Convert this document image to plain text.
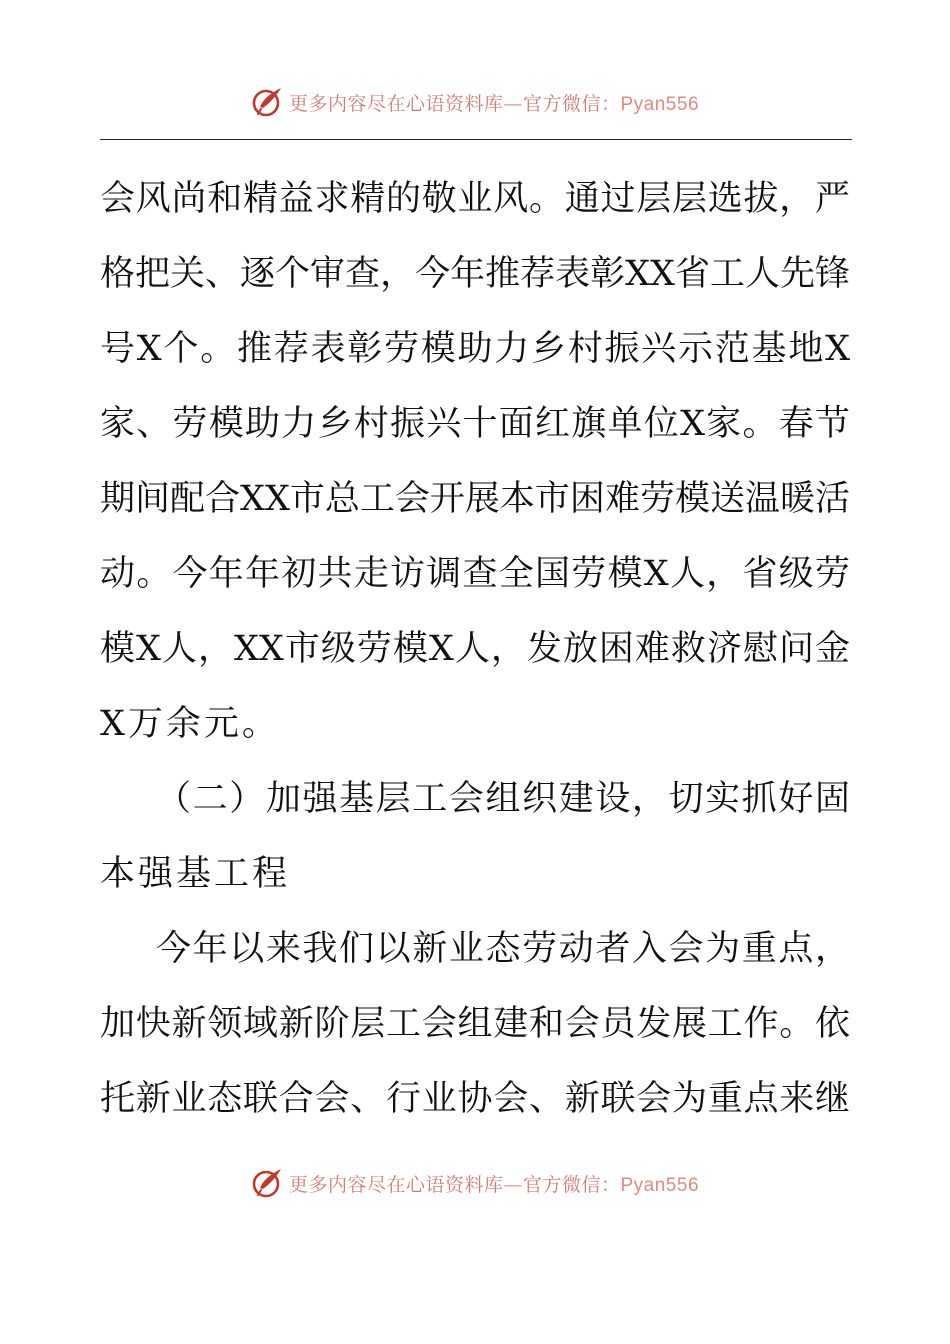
更多内容尽在心语资料库—官方微信：Pyan556
会风尚和精益求精的敬业风。通过层层选拔，严
格把关、逐个审查，今年推荐表彰XX省工人先锋
号X个。推荐表彰劳模助力乡村振兴示范基地X
家、劳模助力乡村振兴十面红旗单位X家。春节
期间配合XX市总工会开展本市困难劳模送温暖活
动。今年年初共走访调查全国劳模X人，省级劳
模X人，XX市级劳模X人，发放困难救济慰问金
X万余元。
（二）加强基层工会组织建设，切实抓好固
本强基工程
今年以来我们以新业态劳动者入会为重点，
加快新领域新阶层工会组建和会员发展工作。依
托新业态联合会、行业协会、新联会为重点来继
更多内容尽在心语资料库—官方微信：Pyan556
